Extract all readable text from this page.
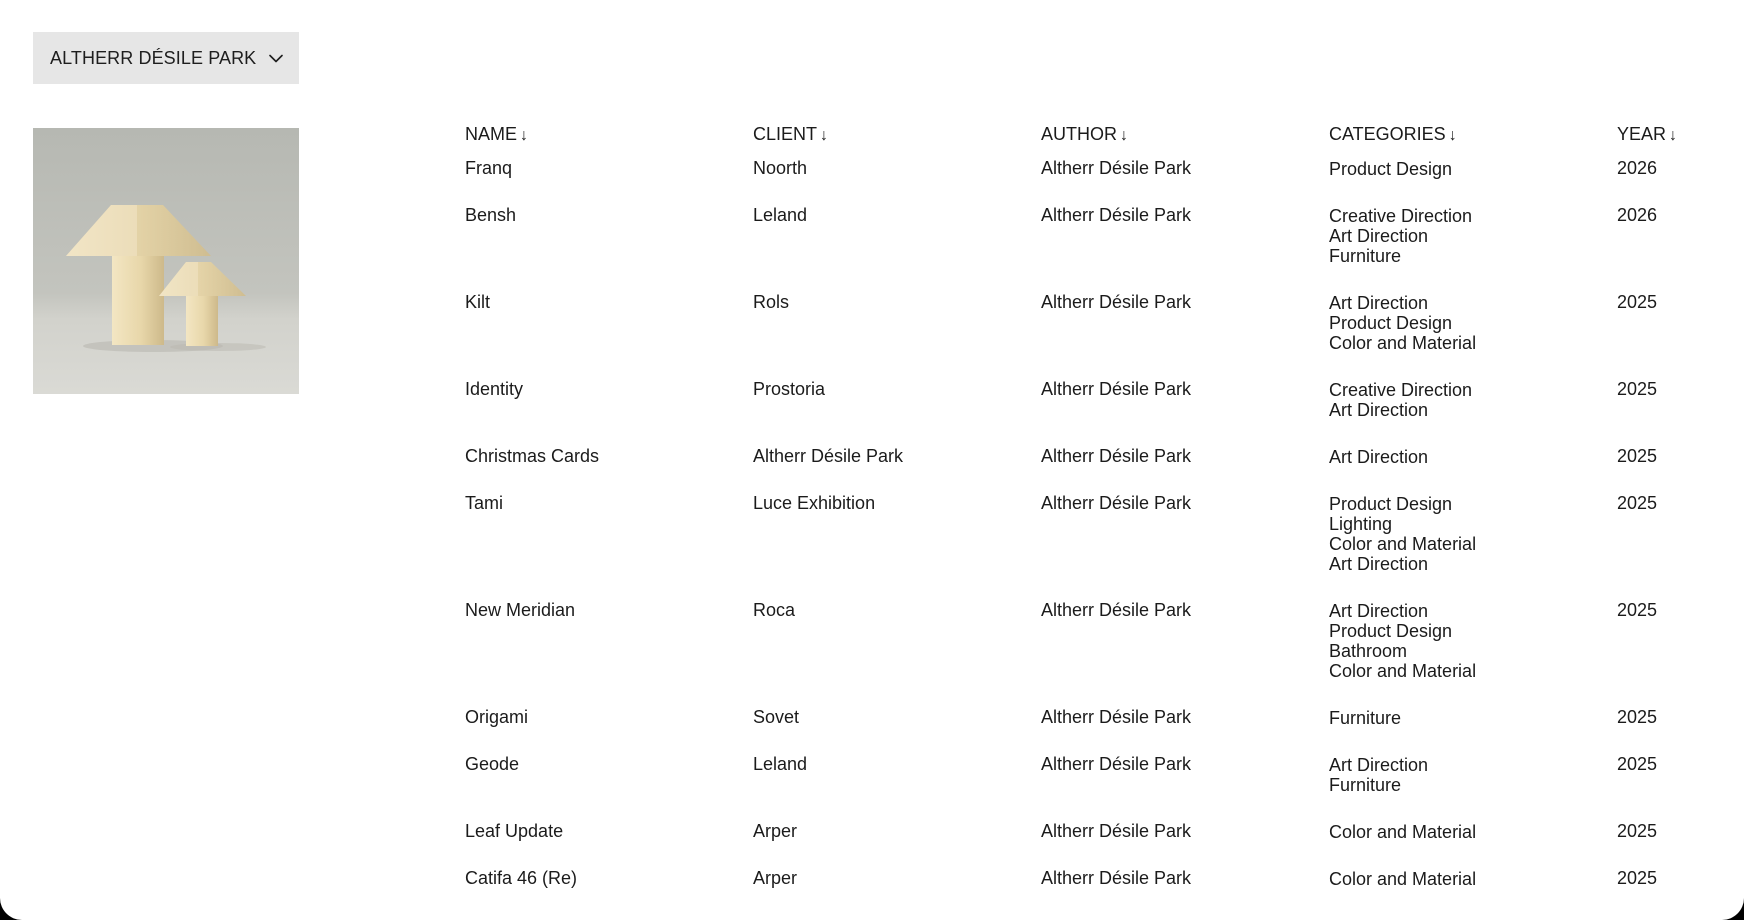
ALTHERR DÉSILE PARK
NAME ↓	CLIENT ↓	AUTHOR ↓	CATEGORIES ↓	YEAR ↓
Franq	Noorth	Altherr Désile Park	Product Design	2026
Bensh	Leland	Altherr Désile Park	Creative Direction
Art Direction
Furniture	2026
Kilt	Rols	Altherr Désile Park	Art Direction
Product Design
Color and Material	2025
Identity	Prostoria	Altherr Désile Park	Creative Direction
Art Direction	2025
Christmas Cards	Altherr Désile Park	Altherr Désile Park	Art Direction	2025
Tami	Luce Exhibition	Altherr Désile Park	Product Design
Lighting
Color and Material
Art Direction	2025
New Meridian	Roca	Altherr Désile Park	Art Direction
Product Design
Bathroom
Color and Material	2025
Origami	Sovet	Altherr Désile Park	Furniture	2025
Geode	Leland	Altherr Désile Park	Art Direction
Furniture	2025
Leaf Update	Arper	Altherr Désile Park	Color and Material	2025
Catifa 46 (Re)	Arper	Altherr Désile Park	Color and Material	2025
